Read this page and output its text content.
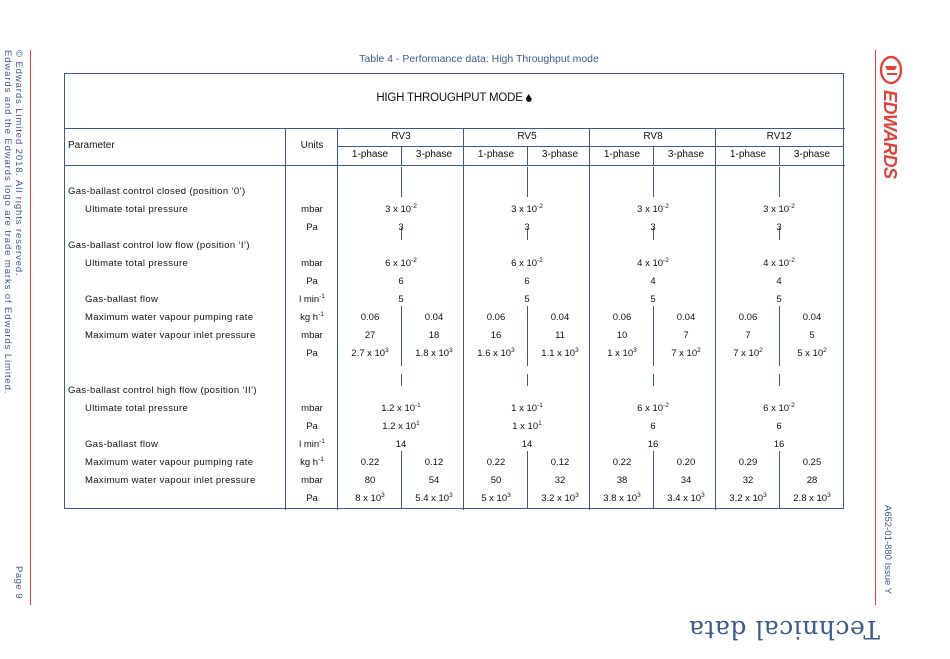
© Edwards Limited 2018. All rights reserved.
Edwards and the Edwards logo are trade marks of Edwards Limited.
Page 9
EDWARDS
A652-01-880 Issue Y
Technical data
Table 4 - Performance data: High Throughput mode
HIGH THROUGHPUT MODE
Parameter	Units
RV3	RV5	RV8	RV12
1-phase	3-phase	1-phase	3-phase	1-phase	3-phase	1-phase	3-phase
Gas-ballast control closed (position ‘0’)
Ultimate total pressure	mbar	3 x $10^{-2}$	3 x $10^{-2}$	3 x $10^{-2}$	3 x $10^{-2}$
Pa	3	3	3	3
Gas-ballast control low flow (position ‘I’)
Ultimate total pressure	mbar	6 x $10^{-2}$	6 x $10^{-2}$	4 x $10^{-2}$	4 x $10^{-2}$
Pa	6	6	4	4
Gas-ballast flow	l $\min^{-1}$	5	5	5	5
Maximum water vapour pumping rate	kg $h^{-1}$	0.06	0.04	0.06	0.04	0.06	0.04	0.06	0.04
Maximum water vapour inlet pressure	mbar	27	18	16	11	10	7	7	5
Pa	2.7 x $10^3$	1.8 x $10^3$	1.6 x $10^3$	1.1 x $10^3$	1 x $10^3$	7 x $10^2$	7 x $10^2$	5 x $10^2$
Gas-ballast control high flow (position ‘II’)
Ultimate total pressure	mbar	1.2 x $10^{-1}$	1 x $10^{-1}$	6 x $10^{-2}$	6 x $10^{-2}$
Pa	1.2 x $10^1$	1 x $10^1$	6	6
Gas-ballast flow	l $\min^{-1}$	14	14	16	16
Maximum water vapour pumping rate	kg $h^{-1}$	0.22	0.12	0.22	0.12	0.22	0.20	0.29	0.25
Maximum water vapour inlet pressure	mbar	80	54	50	32	38	34	32	28
Pa	8 x $10^3$	5.4 x $10^3$	5 x $10^3$	3.2 x $10^3$	3.8 x $10^3$	3.4 x $10^3$	3.2 x $10^3$	2.8 x $10^3$
